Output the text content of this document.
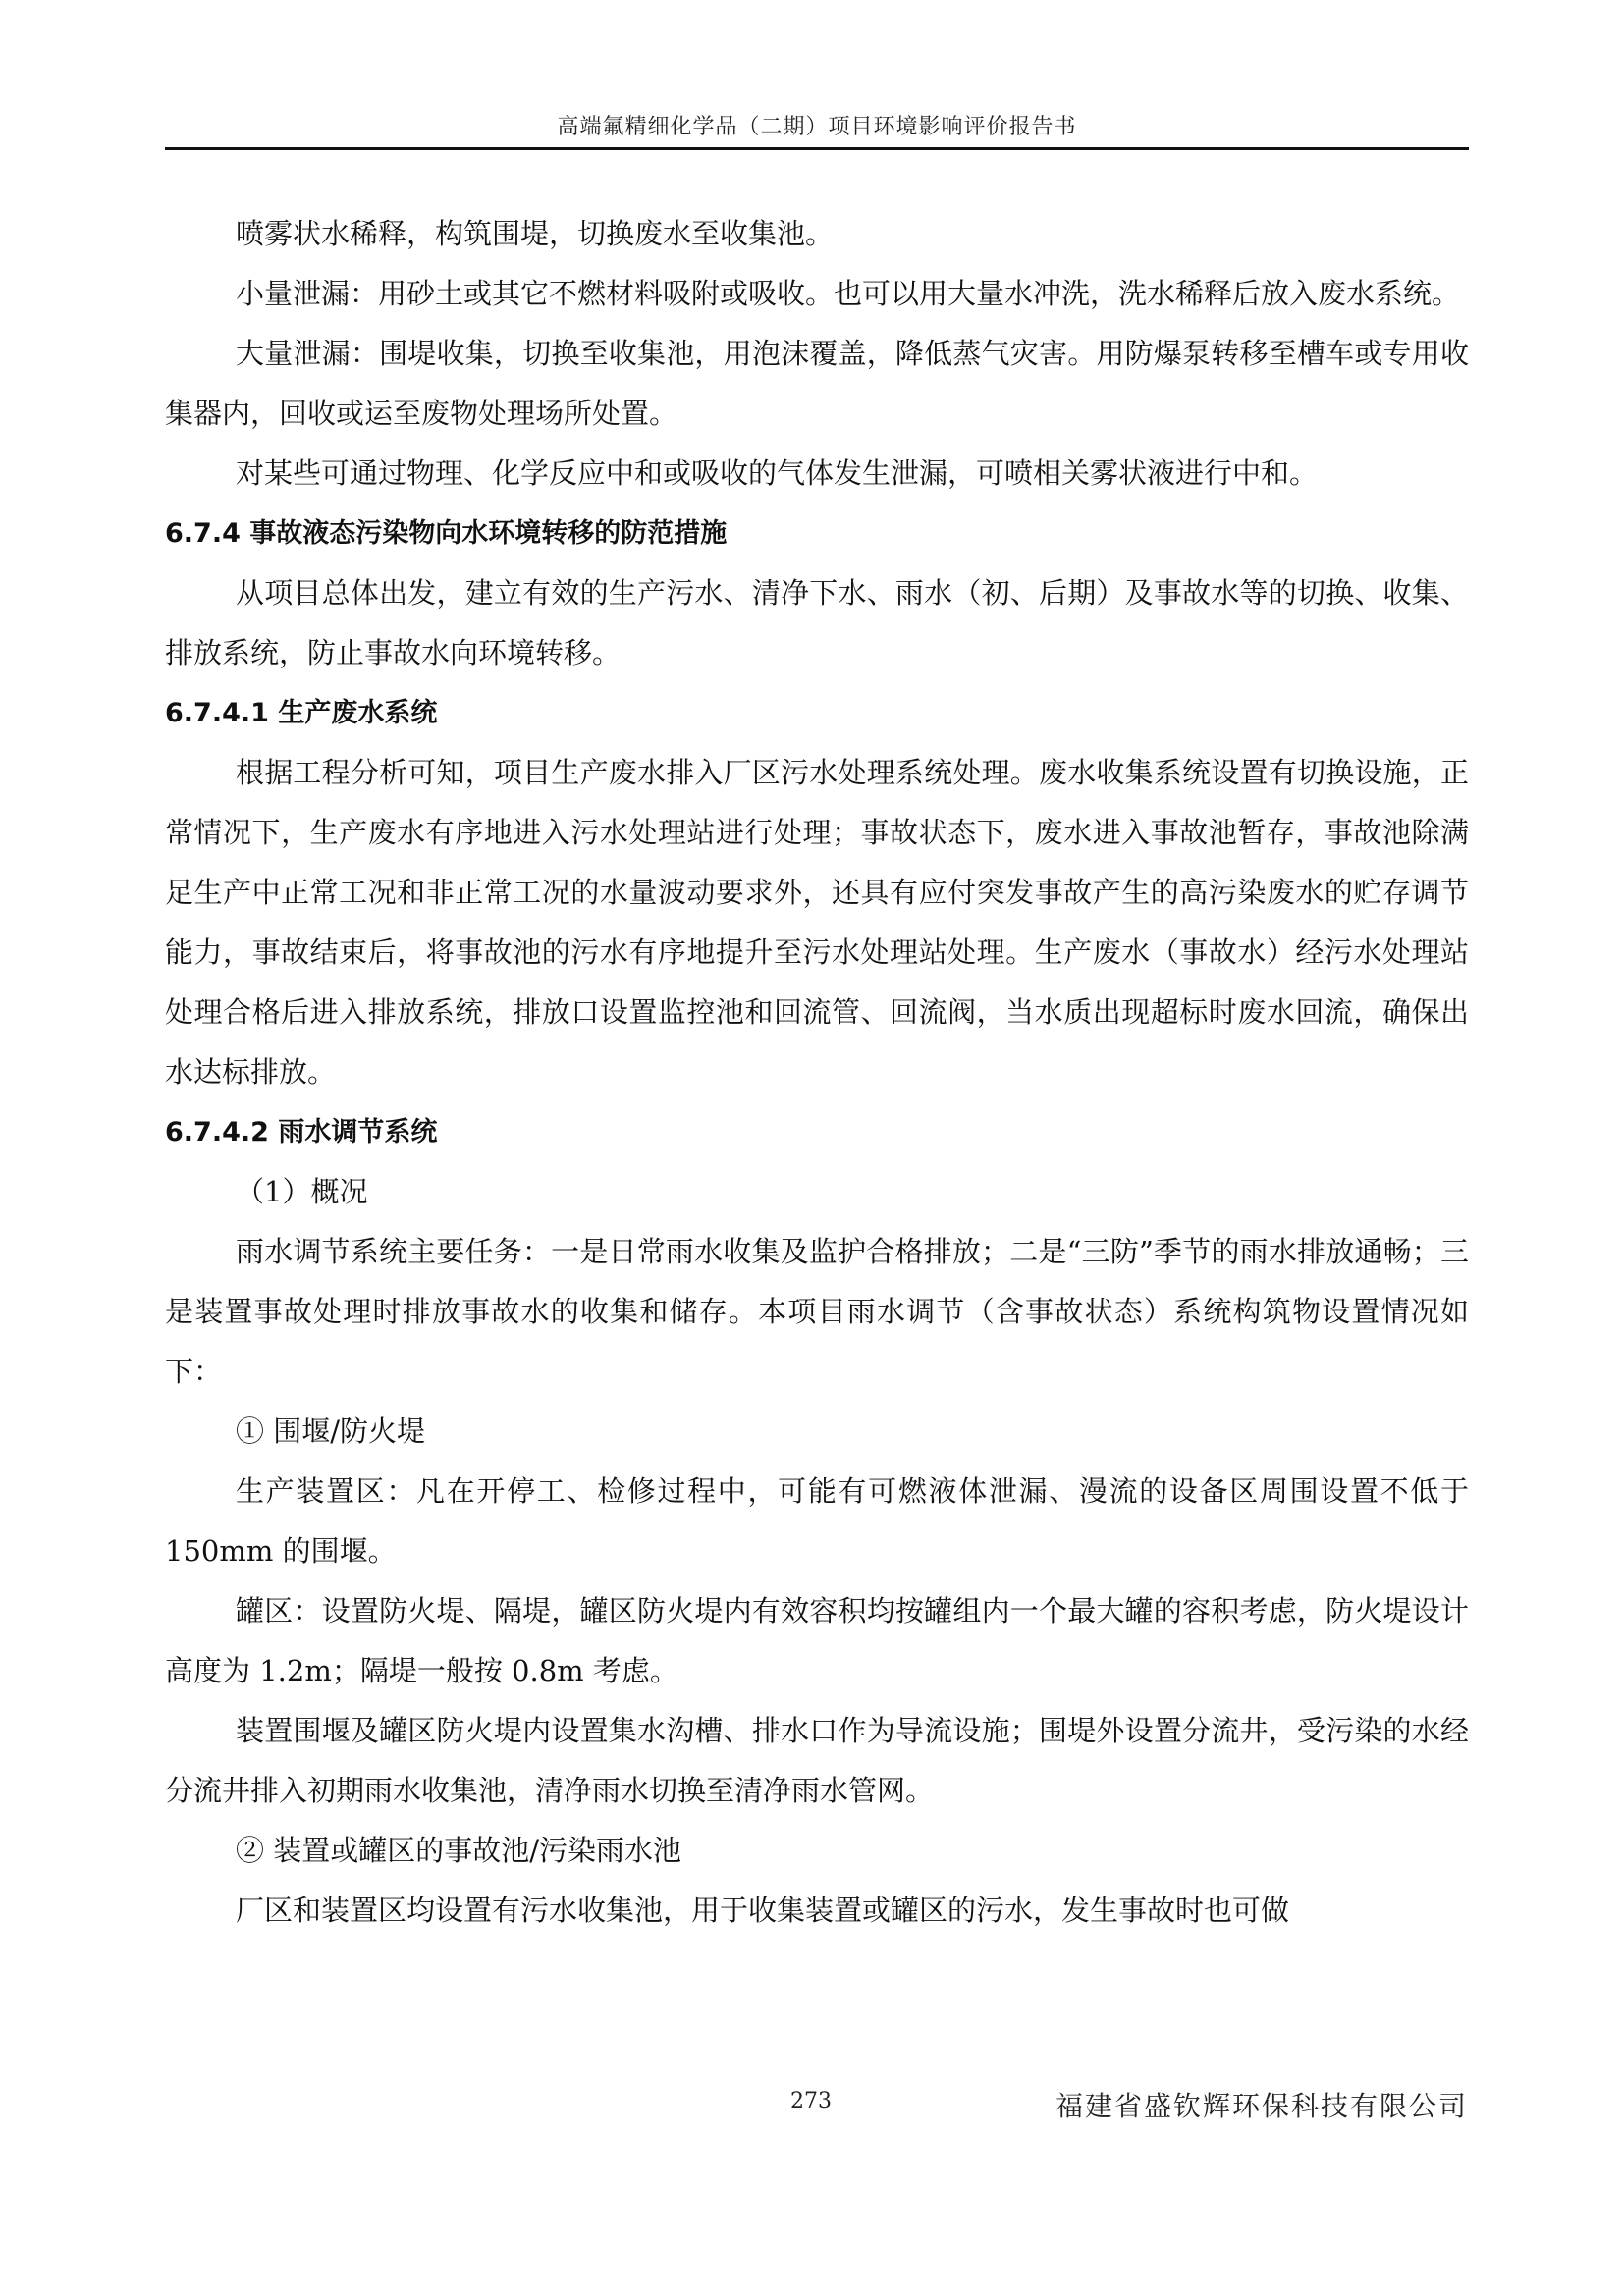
高端氟精细化学品（二期）项目环境影响评价报告书

喷雾状水稀释，构筑围堤，切换废水至收集池。

小量泄漏：用砂土或其它不燃材料吸附或吸收。也可以用大量水冲洗，洗水稀释后放入废水系统。

大量泄漏：围堤收集，切换至收集池，用泡沫覆盖，降低蒸气灾害。用防爆泵转移至槽车或专用收集器内，回收或运至废物处理场所处置。

对某些可通过物理、化学反应中和或吸收的气体发生泄漏，可喷相关雾状液进行中和。

6.7.4 事故液态污染物向水环境转移的防范措施

从项目总体出发，建立有效的生产污水、清净下水、雨水（初、后期）及事故水等的切换、收集、排放系统，防止事故水向环境转移。

6.7.4.1 生产废水系统

根据工程分析可知，项目生产废水排入厂区污水处理系统处理。废水收集系统设置有切换设施，正常情况下，生产废水有序地进入污水处理站进行处理；事故状态下，废水进入事故池暂存，事故池除满足生产中正常工况和非正常工况的水量波动要求外，还具有应付突发事故产生的高污染废水的贮存调节能力，事故结束后，将事故池的污水有序地提升至污水处理站处理。生产废水（事故水）经污水处理站处理合格后进入排放系统，排放口设置监控池和回流管、回流阀，当水质出现超标时废水回流，确保出水达标排放。

6.7.4.2 雨水调节系统

（1）概况

雨水调节系统主要任务：一是日常雨水收集及监护合格排放；二是“三防”季节的雨水排放通畅；三是装置事故处理时排放事故水的收集和储存。本项目雨水调节（含事故状态）系统构筑物设置情况如下：

① 围堰/防火堤

生产装置区：凡在开停工、检修过程中，可能有可燃液体泄漏、漫流的设备区周围设置不低于 150mm 的围堰。

罐区：设置防火堤、隔堤，罐区防火堤内有效容积均按罐组内一个最大罐的容积考虑，防火堤设计高度为 1.2m；隔堤一般按 0.8m 考虑。

装置围堰及罐区防火堤内设置集水沟槽、排水口作为导流设施；围堤外设置分流井，受污染的水经分流井排入初期雨水收集池，清净雨水切换至清净雨水管网。

② 装置或罐区的事故池/污染雨水池

厂区和装置区均设置有污水收集池，用于收集装置或罐区的污水，发生事故时也可做

273	福建省盛钦辉环保科技有限公司
